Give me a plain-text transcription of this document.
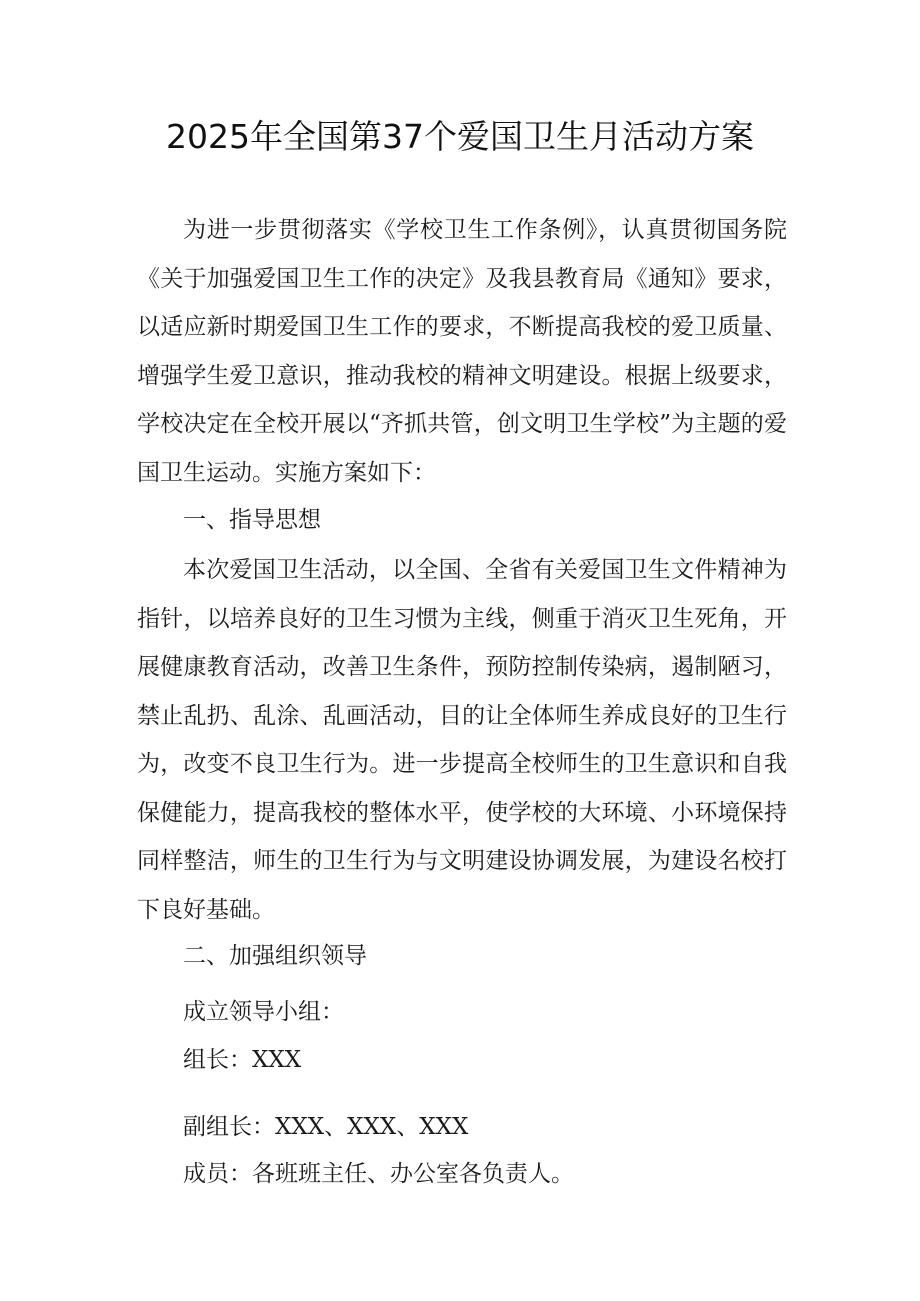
2025年全国第37个爱国卫生月活动方案

为进一步贯彻落实《学校卫生工作条例》，认真贯彻国务院《关于加强爱国卫生工作的决定》及我县教育局《通知》要求，以适应新时期爱国卫生工作的要求，不断提高我校的爱卫质量、增强学生爱卫意识，推动我校的精神文明建设。根据上级要求，学校决定在全校开展以“齐抓共管，创文明卫生学校”为主题的爱国卫生运动。实施方案如下：

一、指导思想

本次爱国卫生活动，以全国、全省有关爱国卫生文件精神为指针，以培养良好的卫生习惯为主线，侧重于消灭卫生死角，开展健康教育活动，改善卫生条件，预防控制传染病，遏制陋习，禁止乱扔、乱涂、乱画活动，目的让全体师生养成良好的卫生行为，改变不良卫生行为。进一步提高全校师生的卫生意识和自我保健能力，提高我校的整体水平，使学校的大环境、小环境保持同样整洁，师生的卫生行为与文明建设协调发展，为建设名校打下良好基础。

二、加强组织领导

成立领导小组：

组长：XXX

副组长：XXX、XXX、XXX

成员：各班班主任、办公室各负责人。
